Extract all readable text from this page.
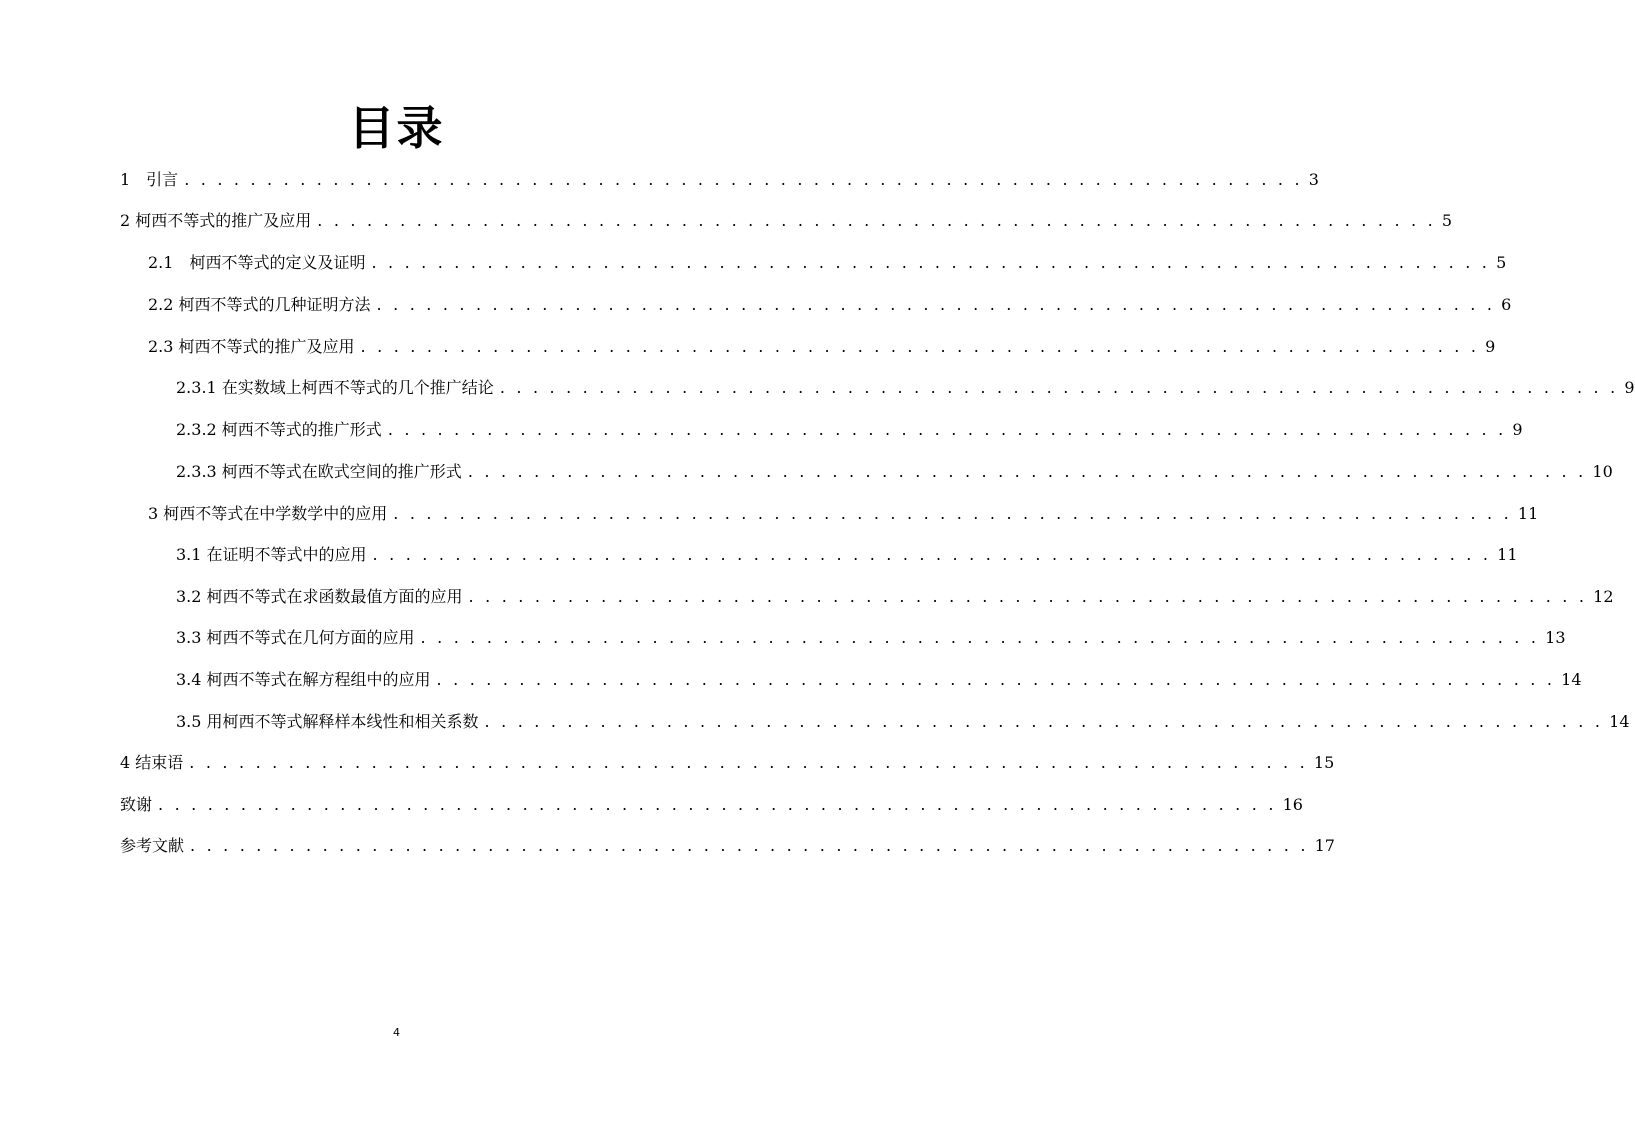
目录
1　引言 . . . . . . . . . . . . . . . . . . . . . . . . . . . . . . . . . . . . . . . . . . . . . . . . . . . . . . . . . . . . . . . . . . . . 3
2 柯西不等式的推广及应用 . . . . . . . . . . . . . . . . . . . . . . . . . . . . . . . . . . . . . . . . . . . . . . . . . . . . . . . . . . . . . . . . . . . . 5
2.1　柯西不等式的定义及证明 . . . . . . . . . . . . . . . . . . . . . . . . . . . . . . . . . . . . . . . . . . . . . . . . . . . . . . . . . . . . . . . . . . . . 5
2.2 柯西不等式的几种证明方法 . . . . . . . . . . . . . . . . . . . . . . . . . . . . . . . . . . . . . . . . . . . . . . . . . . . . . . . . . . . . . . . . . . . . 6
2.3 柯西不等式的推广及应用 . . . . . . . . . . . . . . . . . . . . . . . . . . . . . . . . . . . . . . . . . . . . . . . . . . . . . . . . . . . . . . . . . . . . 9
2.3.1 在实数域上柯西不等式的几个推广结论 . . . . . . . . . . . . . . . . . . . . . . . . . . . . . . . . . . . . . . . . . . . . . . . . . . . . . . . . . . . . . . . . . . . . 9
2.3.2 柯西不等式的推广形式 . . . . . . . . . . . . . . . . . . . . . . . . . . . . . . . . . . . . . . . . . . . . . . . . . . . . . . . . . . . . . . . . . . . . 9
2.3.3 柯西不等式在欧式空间的推广形式 . . . . . . . . . . . . . . . . . . . . . . . . . . . . . . . . . . . . . . . . . . . . . . . . . . . . . . . . . . . . . . . . . . . . 10
3 柯西不等式在中学数学中的应用 . . . . . . . . . . . . . . . . . . . . . . . . . . . . . . . . . . . . . . . . . . . . . . . . . . . . . . . . . . . . . . . . . . . . 11
3.1 在证明不等式中的应用 . . . . . . . . . . . . . . . . . . . . . . . . . . . . . . . . . . . . . . . . . . . . . . . . . . . . . . . . . . . . . . . . . . . . 11
3.2 柯西不等式在求函数最值方面的应用 . . . . . . . . . . . . . . . . . . . . . . . . . . . . . . . . . . . . . . . . . . . . . . . . . . . . . . . . . . . . . . . . . . . . 12
3.3 柯西不等式在几何方面的应用 . . . . . . . . . . . . . . . . . . . . . . . . . . . . . . . . . . . . . . . . . . . . . . . . . . . . . . . . . . . . . . . . . . . . 13
3.4 柯西不等式在解方程组中的应用 . . . . . . . . . . . . . . . . . . . . . . . . . . . . . . . . . . . . . . . . . . . . . . . . . . . . . . . . . . . . . . . . . . . . 14
3.5 用柯西不等式解释样本线性和相关系数 . . . . . . . . . . . . . . . . . . . . . . . . . . . . . . . . . . . . . . . . . . . . . . . . . . . . . . . . . . . . . . . . . . . . 14
4 结束语 . . . . . . . . . . . . . . . . . . . . . . . . . . . . . . . . . . . . . . . . . . . . . . . . . . . . . . . . . . . . . . . . . . . . 15
致谢 . . . . . . . . . . . . . . . . . . . . . . . . . . . . . . . . . . . . . . . . . . . . . . . . . . . . . . . . . . . . . . . . . . . . 16
参考文献 . . . . . . . . . . . . . . . . . . . . . . . . . . . . . . . . . . . . . . . . . . . . . . . . . . . . . . . . . . . . . . . . . . . . 17
4
